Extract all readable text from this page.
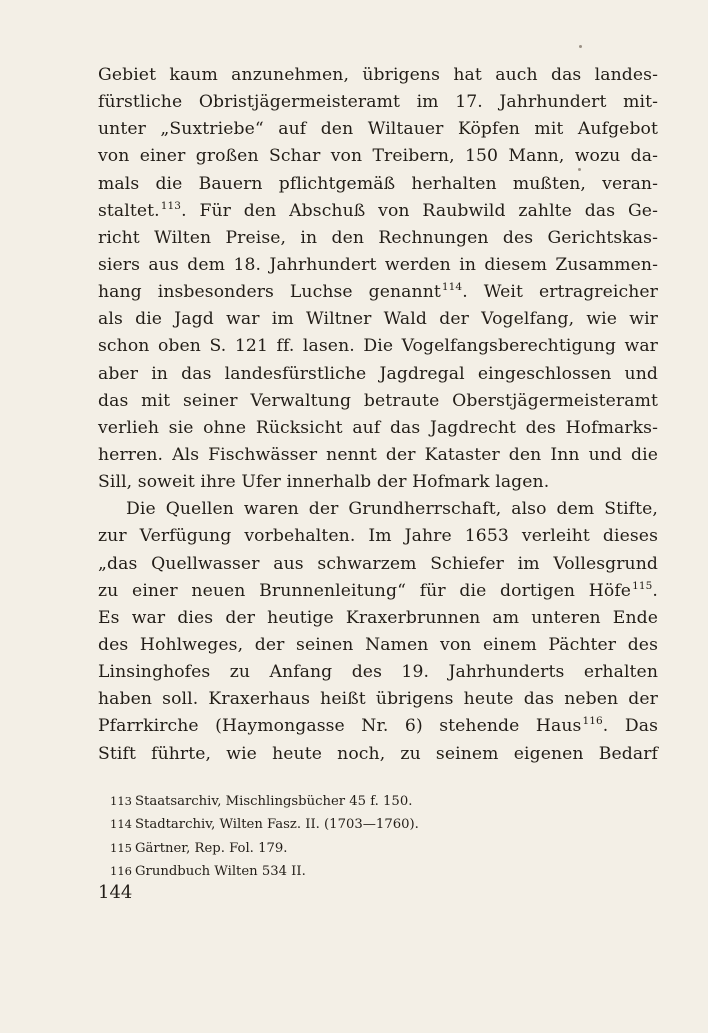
Gebiet kaum anzunehmen, übrigens hat auch das landes-
fürstliche Obristjägermeisteramt im 17. Jahrhundert mit-
unter „Suxtriebe“ auf den Wiltauer Köpfen mit Aufgebot
von einer großen Schar von Treibern, 150 Mann, wozu da-
mals die Bauern pflichtgemäß herhalten mußten, veran-
staltet.$^{113}$. Für den Abschuß von Raubwild zahlte das Ge-
richt Wilten Preise, in den Rechnungen des Gerichtskas-
siers aus dem 18. Jahrhundert werden in diesem Zusammen-
hang insbesonders Luchse genannt$^{114}$. Weit ertragreicher
als die Jagd war im Wiltner Wald der Vogelfang, wie wir
schon oben S. 121 ff. lasen. Die Vogelfangsberechtigung war
aber in das landesfürstliche Jagdregal eingeschlossen und
das mit seiner Verwaltung betraute Oberstjägermeisteramt
verlieh sie ohne Rücksicht auf das Jagdrecht des Hofmarks-
herren. Als Fischwässer nennt der Kataster den Inn und die
Sill, soweit ihre Ufer innerhalb der Hofmark lagen.
Die Quellen waren der Grundherrschaft, also dem Stifte,
zur Verfügung vorbehalten. Im Jahre 1653 verleiht dieses
„das Quellwasser aus schwarzem Schiefer im Vollesgrund
zu einer neuen Brunnenleitung“ für die dortigen Höfe$^{115}$.
Es war dies der heutige Kraxerbrunnen am unteren Ende
des Hohlweges, der seinen Namen von einem Pächter des
Linsinghofes zu Anfang des 19. Jahrhunderts erhalten
haben soll. Kraxerhaus heißt übrigens heute das neben der
Pfarrkirche (Haymongasse Nr. 6) stehende Haus$^{116}$. Das
Stift führte, wie heute noch, zu seinem eigenen Bedarf
113 Staatsarchiv, Mischlingsbücher 45 f. 150.
114 Stadtarchiv, Wilten Fasz. II. (1703—1760).
115 Gärtner, Rep. Fol. 179.
116 Grundbuch Wilten 534 II.
144
